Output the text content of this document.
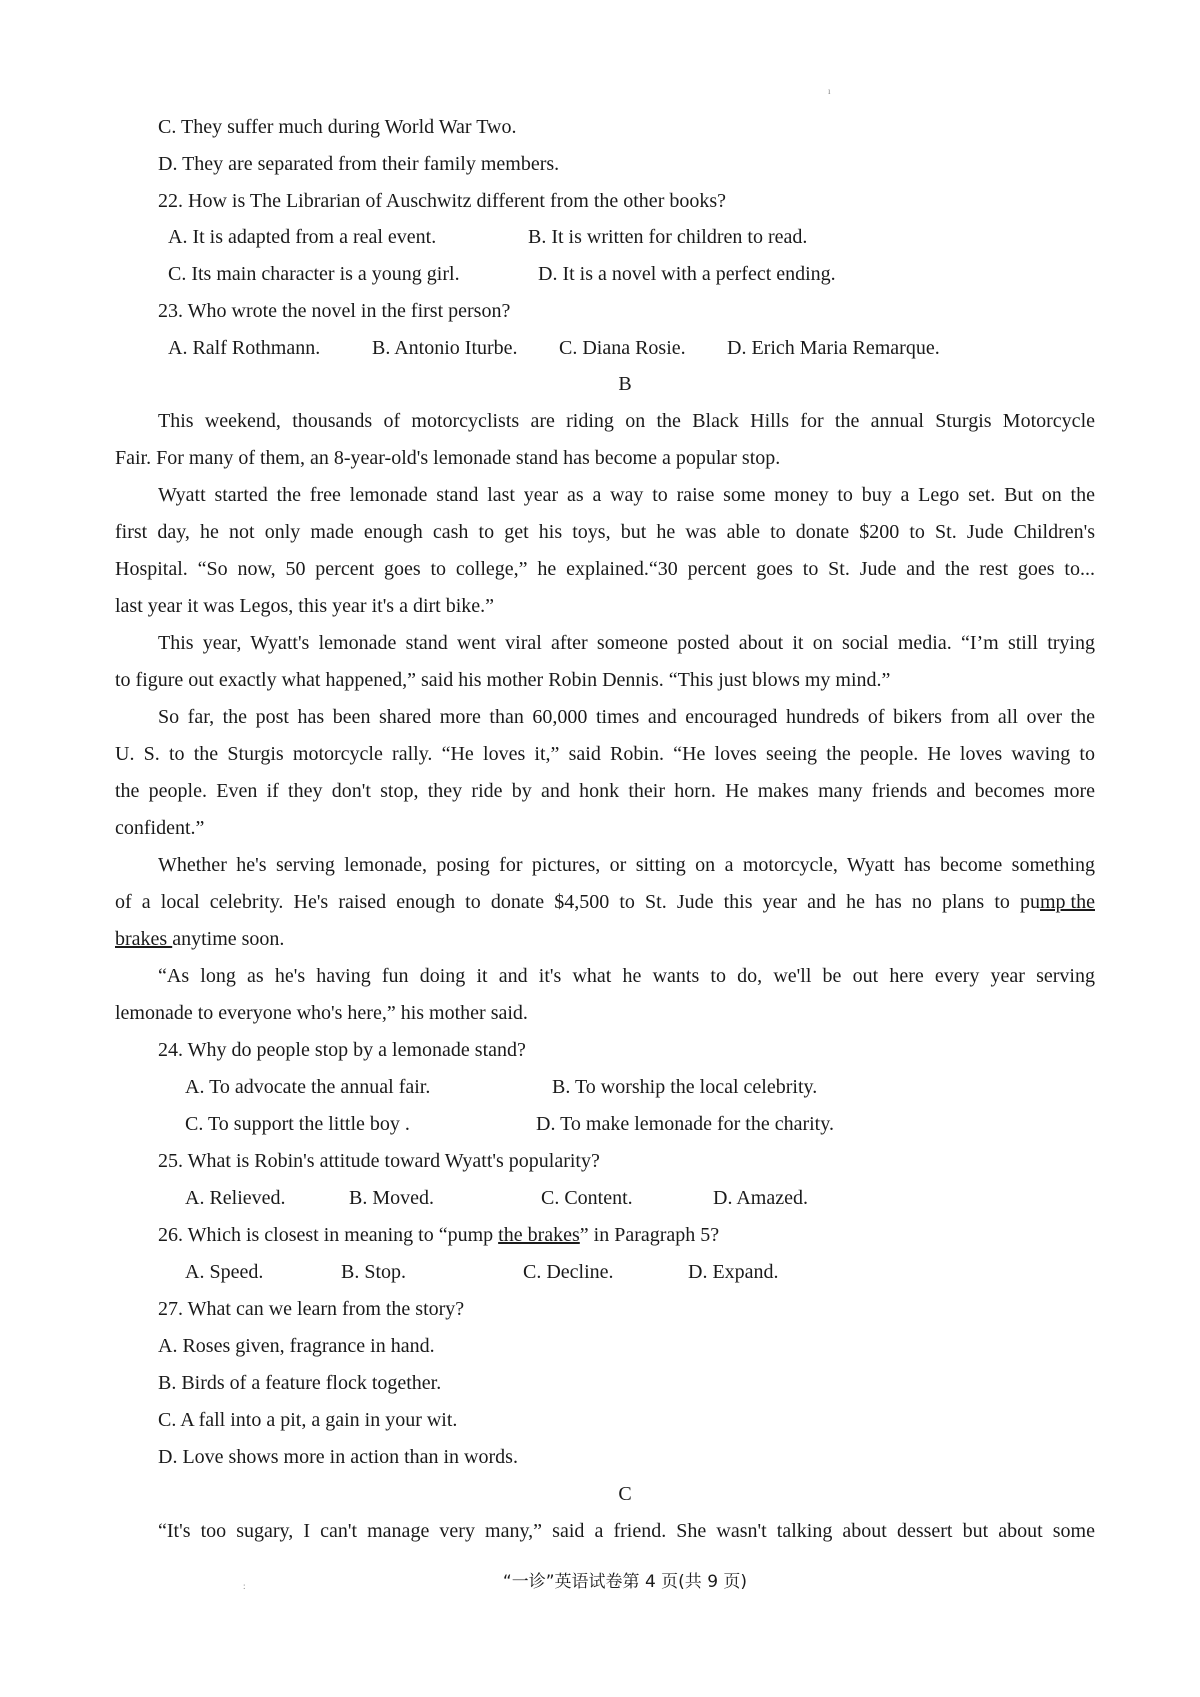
ı
C. They suffer much during World War Two.
D. They are separated from their family members.
22. How is The Librarian of Auschwitz different from the other books?
A. It is adapted from a real event.	B. It is written for children to read.
C. Its main character is a young girl.	D. It is a novel with a perfect ending.
23. Who wrote the novel in the first person?
A. Ralf Rothmann.	B. Antonio Iturbe. C. Diana Rosie. D. Erich Maria Remarque.
B
This weekend, thousands of motorcyclists are riding on the Black Hills for the annual Sturgis Motorcycle
Fair. For many of them, an 8-year-old's lemonade stand has become a popular stop.
Wyatt started the free lemonade stand last year as a way to raise some money to buy a Lego set. But on the
first day, he not only made enough cash to get his toys, but he was able to donate $200 to St. Jude Children's
Hospital. “So now, 50 percent goes to college,” he explained.“30 percent goes to St. Jude and the rest goes to...
last year it was Legos, this year it's a dirt bike.”
This year, Wyatt's lemonade stand went viral after someone posted about it on social media. “I’m still trying
to figure out exactly what happened,” said his mother Robin Dennis. “This just blows my mind.”
So far, the post has been shared more than 60,000 times and encouraged hundreds of bikers from all over the
U. S. to the Sturgis motorcycle rally. “He loves it,” said Robin. “He loves seeing the people. He loves waving to
the people. Even if they don't stop, they ride by and honk their horn. He makes many friends and becomes more
confident.”
Whether he's serving lemonade, posing for pictures, or sitting on a motorcycle, Wyatt has become something
of a local celebrity. He's raised enough to donate $4,500 to St. Jude this year and he has no plans to pu mp the
brakes anytime soon.
“As long as he's having fun doing it and it's what he wants to do, we'll be out here every year serving
lemonade to everyone who's here,” his mother said.
24. Why do people stop by a lemonade stand?
A. To advocate the annual fair.	B. To worship the local celebrity.
C. To support the little boy .	D. To make lemonade for the charity.
25. What is Robin's attitude toward Wyatt's popularity?
A. Relieved.	B. Moved.	C. Content.	D. Amazed.
26. Which is closest in meaning to “pump the brakes” in Paragraph 5?
A. Speed.	B. Stop.	C. Decline.	D. Expand.
27. What can we learn from the story?
A. Roses given, fragrance in hand.
B. Birds of a feature flock together.
C. A fall into a pit, a gain in your wit.
D. Love shows more in action than in words.
C
“It's too sugary, I can't manage very many,” said a friend. She wasn't talking about dessert but about some
:	“一诊”英语试卷第 4 页(共 9 页)
